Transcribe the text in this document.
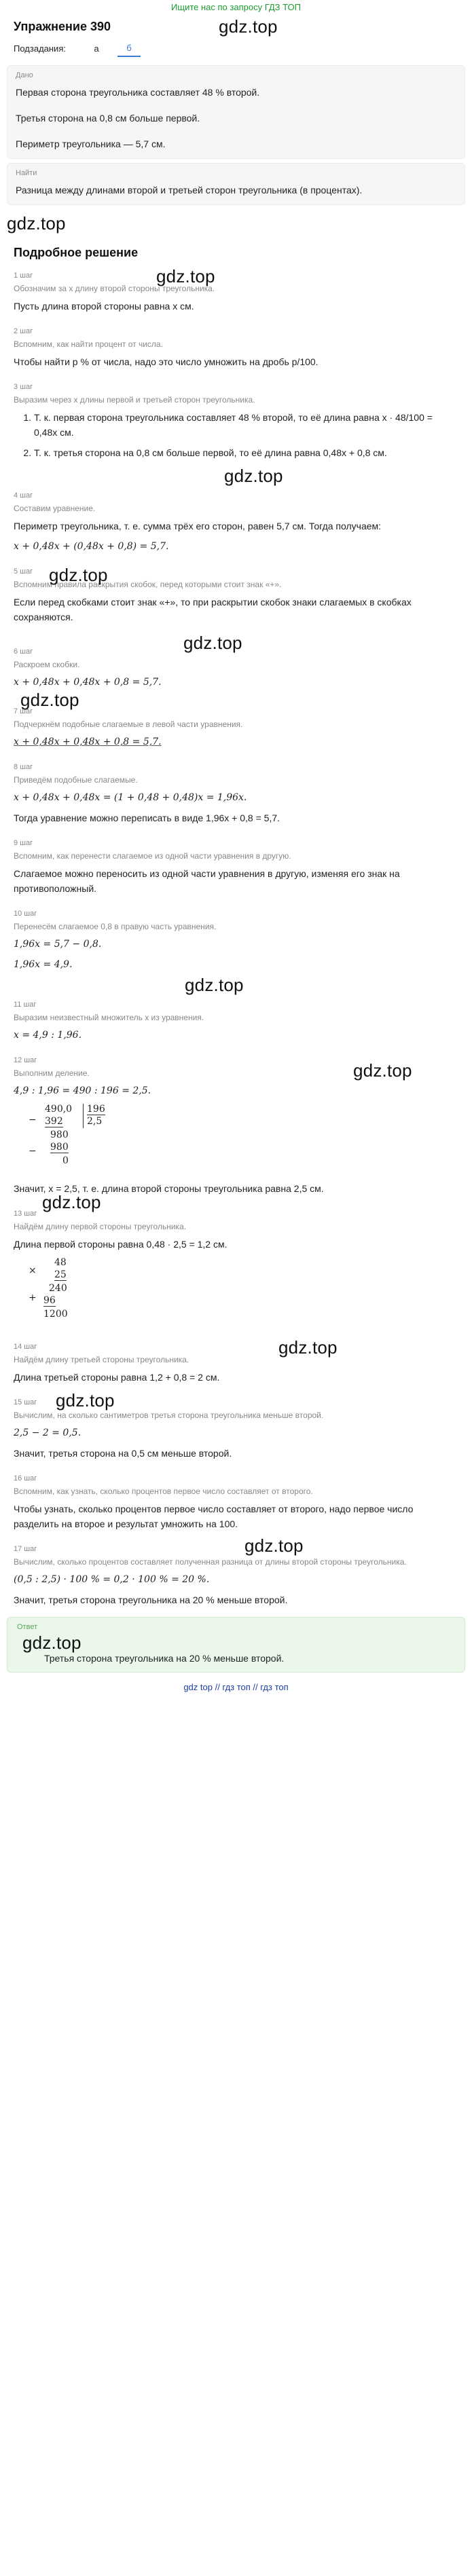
Ищите нас по запросу ГДЗ ТОП
Упражнение 390	gdz.top
Подзадания:	а	б
Дано

Первая сторона треугольника составляет 48 % второй.

Третья сторона на 0,8 см больше первой.

Периметр треугольника — 5,7 см.

Найти

Разница между длинами второй и третьей сторон треугольника (в процентах).

gdz.top
Подробное решение
gdz.top
1 шаг
Обозначим за x длину второй стороны треугольника.

Пусть длина второй стороны равна x см.

2 шаг
Вспомним, как найти процент от числа.

Чтобы найти p % от числа, надо это число умножить на дробь p/100.

3 шаг
Выразим через x длины первой и третьей сторон треугольника.
1. Т. к. первая сторона треугольника составляет 48 % второй, то её длина равна x · 48/100 = 0,48x см.
2. Т. к. третья сторона на 0,8 см больше первой, то её длина равна 0,48x + 0,8 см.
gdz.top
4 шаг
Составим уравнение.

Периметр треугольника, т. е. сумма трёх его сторон, равен 5,7 см. Тогда получаем:

x + 0,48x + (0,48x + 0,8) = 5,7.

gdz.top
5 шаг
Вспомним правила раскрытия скобок, перед которыми стоит знак «+».

Если перед скобками стоит знак «+», то при раскрытии скобок знаки слагаемых в скобках сохраняются.

gdz.top
6 шаг
Раскроем скобки.

x + 0,48x + 0,48x + 0,8 = 5,7.

gdz.top
7 шаг
Подчеркнём подобные слагаемые в левой части уравнения.

x + 0,48x + 0,48x + 0,8 = 5,7.

8 шаг
Приведём подобные слагаемые.

x + 0,48x + 0,48x = (1 + 0,48 + 0,48)x = 1,96x.

Тогда уравнение можно переписать в виде 1,96x + 0,8 = 5,7.

9 шаг
Вспомним, как перенести слагаемое из одной части уравнения в другую.

Слагаемое можно переносить из одной части уравнения в другую, изменяя его знак на противоположный.

10 шаг
Перенесём слагаемое 0,8 в правую часть уравнения.

1,96x = 5,7 − 0,8.

1,96x = 4,9.

gdz.top
11 шаг
Выразим неизвестный множитель x из уравнения.

x = 4,9 : 1,96.

gdz.top
12 шаг
Выполним деление.

4,9 : 1,96 = 490 : 196 = 2,5.

−
−
490,0
392
980
980
0
196
2,5

Значит, x = 2,5, т. е. длина второй стороны треугольника равна 2,5 см.

gdz.top
13 шаг
Найдём длину первой стороны треугольника.

Длина первой стороны равна 0,48 · 2,5 = 1,2 см.

×
+
48
25
240
96
1200
gdz.top
14 шаг
Найдём длину третьей стороны треугольника.

Длина третьей стороны равна 1,2 + 0,8 = 2 см.

gdz.top
15 шаг
Вычислим, на сколько сантиметров третья сторона треугольника меньше второй.

2,5 − 2 = 0,5.

Значит, третья сторона на 0,5 см меньше второй.

16 шаг
Вспомним, как узнать, сколько процентов первое число составляет от второго.

Чтобы узнать, сколько процентов первое число составляет от второго, надо первое число разделить на второе и результат умножить на 100.

gdz.top
17 шаг
Вычислим, сколько процентов составляет полученная разница от длины второй стороны треугольника.

(0,5 : 2,5) · 100 % = 0,2 · 100 % = 20 %.

Значит, третья сторона треугольника на 20 % меньше второй.

Ответ
gdz.top
Третья сторона треугольника на 20 % меньше второй.
gdz top // гдз топ // гдз топ
